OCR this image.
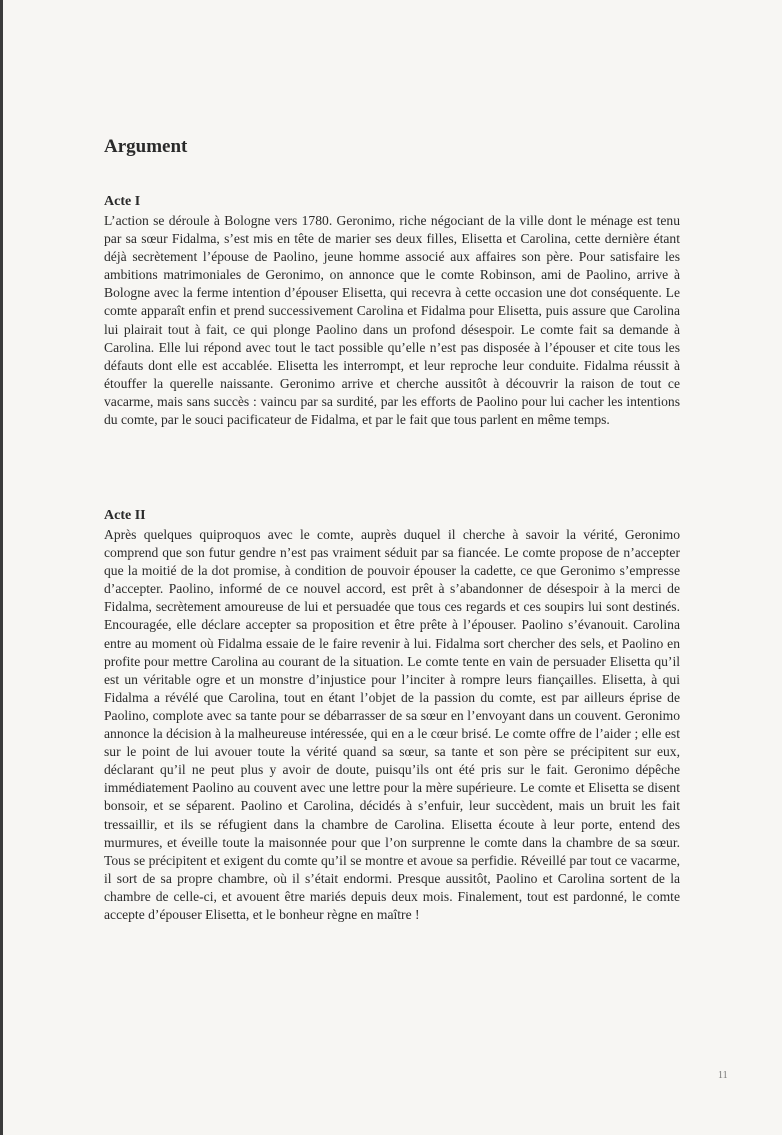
Argument
Acte I

L’action se déroule à Bologne vers 1780. Geronimo, riche négociant de la ville dont le ménage est tenu par sa sœur Fidalma, s’est mis en tête de marier ses deux filles, Elisetta et Carolina, cette dernière étant déjà secrètement l’épouse de Paolino, jeune homme associé aux affaires son père. Pour satisfaire les ambitions matrimoniales de Geronimo, on annonce que le comte Robinson, ami de Paolino, arrive à Bologne avec la ferme intention d’épouser Elisetta, qui recevra à cette occasion une dot conséquente. Le comte apparaît enfin et prend successivement Carolina et Fidalma pour Elisetta, puis assure que Carolina lui plairait tout à fait, ce qui plonge Paolino dans un profond désespoir. Le comte fait sa demande à Carolina. Elle lui répond avec tout le tact possible qu’elle n’est pas disposée à l’épouser et cite tous les défauts dont elle est accablée. Elisetta les interrompt, et leur reproche leur conduite. Fidalma réussit à étouffer la querelle naissante. Geronimo arrive et cherche aussitôt à découvrir la raison de tout ce vacarme, mais sans succès : vaincu par sa surdité, par les efforts de Paolino pour lui cacher les intentions du comte, par le souci pacificateur de Fidalma, et par le fait que tous parlent en même temps.

Acte II

Après quelques quiproquos avec le comte, auprès duquel il cherche à savoir la vérité, Geronimo comprend que son futur gendre n’est pas vraiment séduit par sa fiancée. Le comte propose de n’accepter que la moitié de la dot promise, à condition de pouvoir épouser la cadette, ce que Geronimo s’empresse d’accepter. Paolino, informé de ce nouvel accord, est prêt à s’abandonner de désespoir à la merci de Fidalma, secrètement amoureuse de lui et persuadée que tous ces regards et ces soupirs lui sont destinés. Encouragée, elle déclare accepter sa proposition et être prête à l’épouser. Paolino s’évanouit. Carolina entre au moment où Fidalma essaie de le faire revenir à lui. Fidalma sort chercher des sels, et Paolino en profite pour mettre Carolina au courant de la situation. Le comte tente en vain de persuader Elisetta qu’il est un véritable ogre et un monstre d’injustice pour l’inciter à rompre leurs fiançailles. Elisetta, à qui Fidalma a révélé que Carolina, tout en étant l’objet de la passion du comte, est par ailleurs éprise de Paolino, complote avec sa tante pour se débarrasser de sa sœur en l’envoyant dans un couvent. Geronimo annonce la décision à la malheureuse intéressée, qui en a le cœur brisé. Le comte offre de l’aider ; elle est sur le point de lui avouer toute la vérité quand sa sœur, sa tante et son père se précipitent sur eux, déclarant qu’il ne peut plus y avoir de doute, puisqu’ils ont été pris sur le fait. Geronimo dépêche immédiatement Paolino au couvent avec une lettre pour la mère supérieure. Le comte et Elisetta se disent bonsoir, et se séparent. Paolino et Carolina, décidés à s’enfuir, leur succèdent, mais un bruit les fait tressaillir, et ils se réfugient dans la chambre de Carolina. Elisetta écoute à leur porte, entend des murmures, et éveille toute la maisonnée pour que l’on surprenne le comte dans la chambre de sa sœur. Tous se précipitent et exigent du comte qu’il se montre et avoue sa perfidie. Réveillé par tout ce vacarme, il sort de sa propre chambre, où il s’était endormi. Presque aussitôt, Paolino et Carolina sortent de la chambre de celle-ci, et avouent être mariés depuis deux mois. Finalement, tout est pardonné, le comte accepte d’épouser Elisetta, et le bonheur règne en maître !

11
